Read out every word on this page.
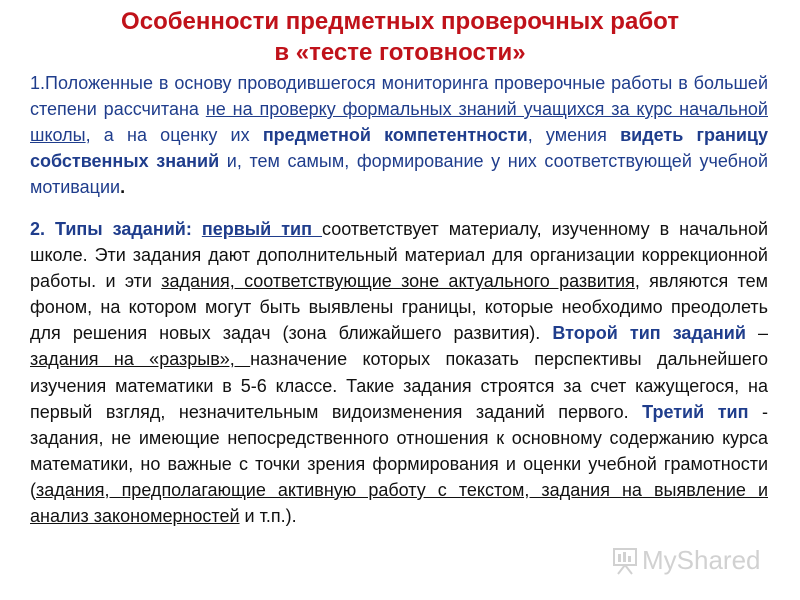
Особенности предметных проверочных работ
в «тесте готовности»
1.Положенные в основу проводившегося мониторинга проверочные работы в большей степени рассчитана не на проверку формальных знаний учащихся за курс начальной школы, а на оценку их предметной компетентности, умения видеть границу собственных знаний и, тем самым, формирование у них соответствующей учебной мотивации.
2. Типы заданий: первый тип соответствует материалу, изученному в начальной школе. Эти задания дают дополнительный материал для организации коррекционной работы. и эти задания, соответствующие зоне актуального развития, являются тем фоном, на котором могут быть выявлены границы, которые необходимо преодолеть для решения новых задач (зона ближайшего развития). Второй тип заданий – задания на «разрыв», назначение которых показать перспективы дальнейшего изучения математики в 5-6 классе. Такие задания строятся за счет кажущегося, на первый взгляд, незначительным видоизменения заданий первого. Третий тип - задания, не имеющие непосредственного отношения к основному содержанию курса математики, но важные с точки зрения формирования и оценки учебной грамотности (задания, предполагающие активную работу с текстом, задания на выявление и анализ закономерностей и т.п.).
MyShared
